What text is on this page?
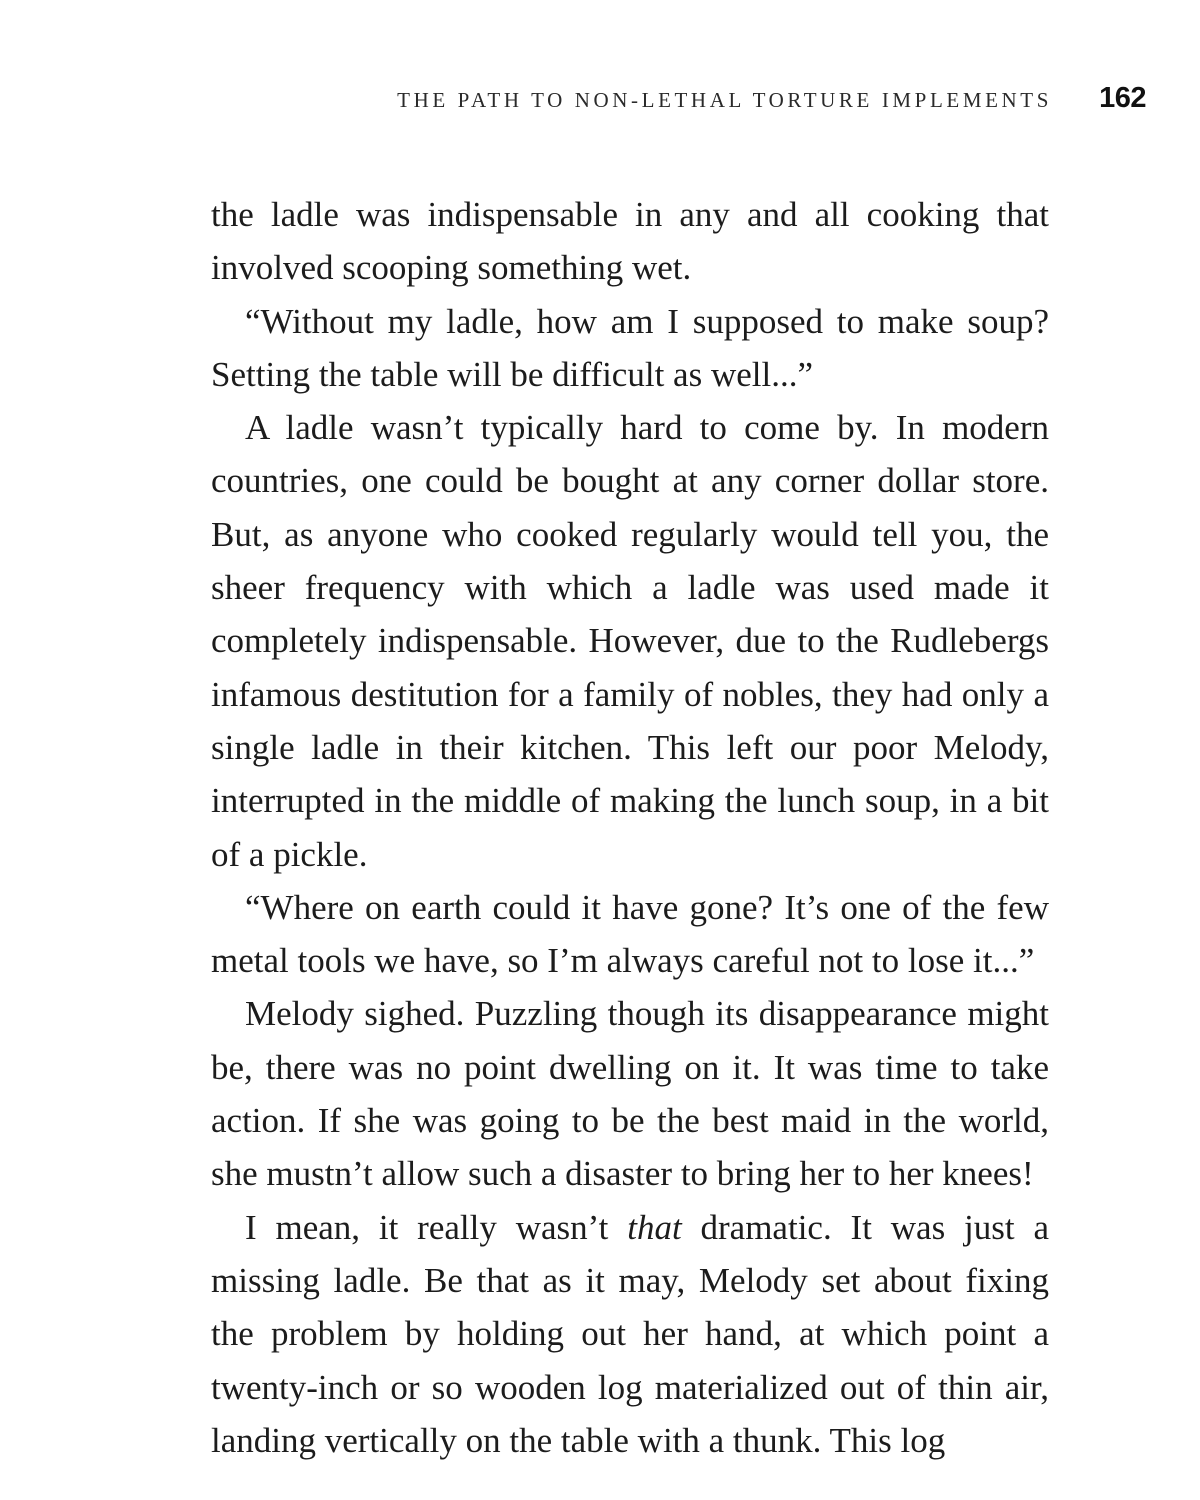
THE PATH TO NON-LETHAL TORTURE IMPLEMENTS 162

the ladle was indispensable in any and all cooking that involved scooping something wet.

“Without my ladle, how am I supposed to make soup? Setting the table will be difficult as well...”

A ladle wasn’t typically hard to come by. In modern countries, one could be bought at any corner dollar store. But, as anyone who cooked regularly would tell you, the sheer frequency with which a ladle was used made it completely indispensable. However, due to the Rudlebergs infamous destitution for a family of nobles, they had only a single ladle in their kitchen. This left our poor Melody, interrupted in the middle of making the lunch soup, in a bit of a pickle.

“Where on earth could it have gone? It’s one of the few metal tools we have, so I’m always careful not to lose it...”

Melody sighed. Puzzling though its disappearance might be, there was no point dwelling on it. It was time to take action. If she was going to be the best maid in the world, she mustn’t allow such a disaster to bring her to her knees!

I mean, it really wasn’t that dramatic. It was just a missing ladle. Be that as it may, Melody set about fixing the problem by holding out her hand, at which point a twenty-inch or so wooden log materialized out of thin air, landing vertically on the table with a thunk. This log
